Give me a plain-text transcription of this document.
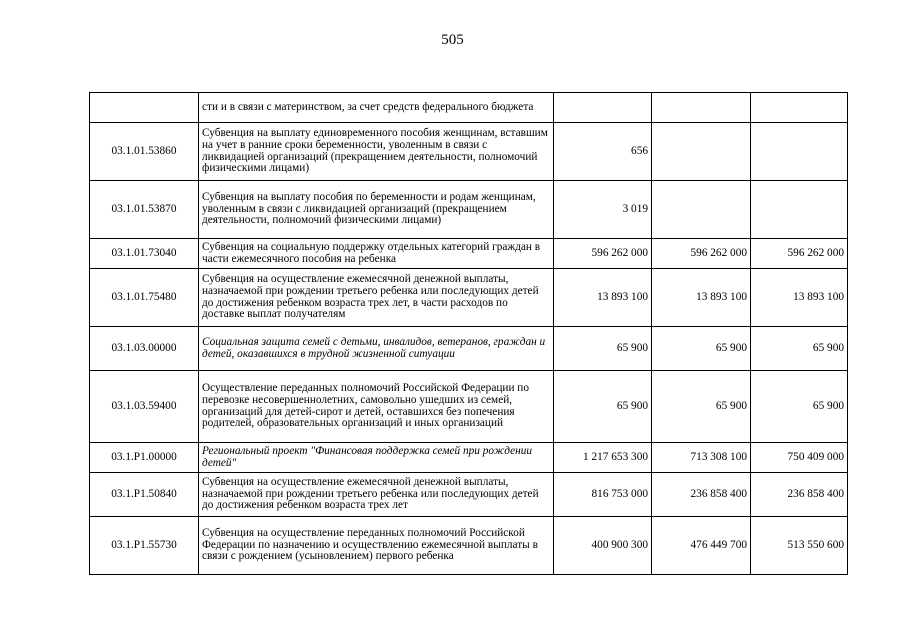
505
	сти и в связи с материнством, за счет средств федерального бюджета			
03.1.01.53860	Субвенция на выплату единовременного пособия женщинам, вставшим на учет в ранние сроки беременности, уволенным в связи с ликвидацией организаций (прекращением деятельности, полномочий физическими лицами)	656		
03.1.01.53870	Субвенция на выплату пособия по беременности и родам женщинам, уволенным в связи с ликвидацией организаций (прекращением деятельности, полномочий физическими лицами)	3 019		
03.1.01.73040	Субвенция на социальную поддержку отдельных категорий граждан в части ежемесячного пособия на ребенка	596 262 000	596 262 000	596 262 000
03.1.01.75480	Субвенция на осуществление ежемесячной денежной выплаты, назначаемой при рождении третьего ребенка или последующих детей до достижения ребенком возраста трех лет, в части расходов по доставке выплат получателям	13 893 100	13 893 100	13 893 100
03.1.03.00000	Социальная защита семей с детьми, инвалидов, ветеранов, граждан и детей, оказавшихся в трудной жизненной ситуации	65 900	65 900	65 900
03.1.03.59400	Осуществление переданных полномочий Российской Федерации по перевозке несовершеннолетних, самовольно ушедших из семей, организаций для детей-сирот и детей, оставшихся без попечения родителей, образовательных организаций и иных организаций	65 900	65 900	65 900
03.1.Р1.00000	Региональный проект "Финансовая поддержка семей при рождении детей"	1 217 653 300	713 308 100	750 409 000
03.1.Р1.50840	Субвенция на осуществление ежемесячной денежной выплаты, назначаемой при рождении третьего ребенка или последующих детей до достижения ребенком возраста трех лет	816 753 000	236 858 400	236 858 400
03.1.Р1.55730	Субвенция на осуществление переданных полномочий Российской Федерации по назначению и осуществлению ежемесячной выплаты в связи с рождением (усыновлением) первого ребенка	400 900 300	476 449 700	513 550 600
